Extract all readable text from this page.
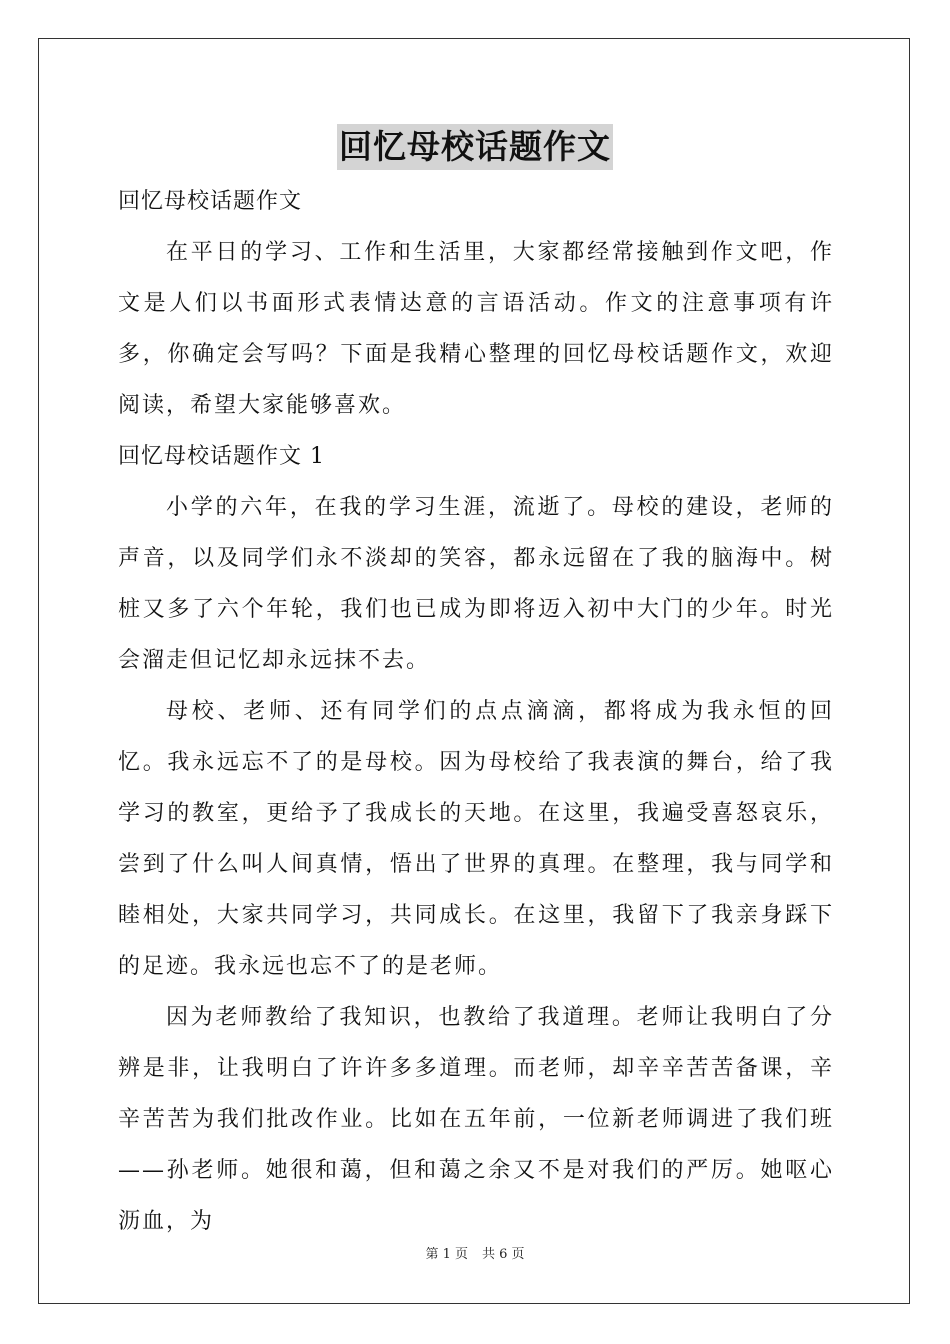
回忆母校话题作文

回忆母校话题作文

在平日的学习、工作和生活里，大家都经常接触到作文吧，作文是人们以书面形式表情达意的言语活动。作文的注意事项有许多，你确定会写吗？下面是我精心整理的回忆母校话题作文，欢迎阅读，希望大家能够喜欢。

回忆母校话题作文 1

小学的六年，在我的学习生涯，流逝了。母校的建设，老师的声音，以及同学们永不淡却的笑容，都永远留在了我的脑海中。树桩又多了六个年轮，我们也已成为即将迈入初中大门的少年。时光会溜走但记忆却永远抹不去。

母校、老师、还有同学们的点点滴滴，都将成为我永恒的回忆。我永远忘不了的是母校。因为母校给了我表演的舞台，给了我学习的教室，更给予了我成长的天地。在这里，我遍受喜怒哀乐，尝到了什么叫人间真情，悟出了世界的真理。在整理，我与同学和睦相处，大家共同学习，共同成长。在这里，我留下了我亲身踩下的足迹。我永远也忘不了的是老师。

因为老师教给了我知识，也教给了我道理。老师让我明白了分辨是非，让我明白了许许多多道理。而老师，却辛辛苦苦备课，辛辛苦苦为我们批改作业。比如在五年前，一位新老师调进了我们班——孙老师。她很和蔼，但和蔼之余又不是对我们的严厉。她呕心沥血，为

第 1 页 共 6 页
